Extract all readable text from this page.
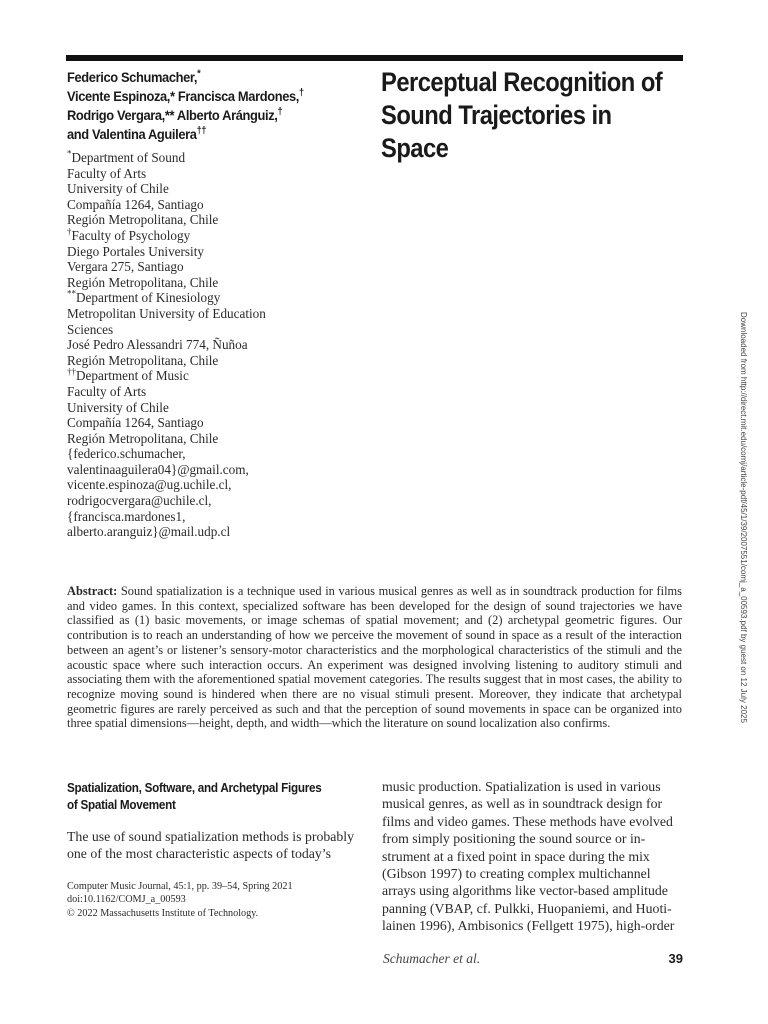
Federico Schumacher,*
Vicente Espinoza,* Francisca Mardones,†
Rodrigo Vergara,** Alberto Aránguiz,†
and Valentina Aguilera††
Perceptual Recognition of
Sound Trajectories in Space
*Department of Sound
Faculty of Arts
University of Chile
Compañía 1264, Santiago
Región Metropolitana, Chile
†Faculty of Psychology
Diego Portales University
Vergara 275, Santiago
Región Metropolitana, Chile
**Department of Kinesiology
Metropolitan University of Education
Sciences
José Pedro Alessandri 774, Ñuñoa
Región Metropolitana, Chile
††Department of Music
Faculty of Arts
University of Chile
Compañía 1264, Santiago
Región Metropolitana, Chile
{federico.schumacher,
valentinaaguilera04}@gmail.com,
vicente.espinoza@ug.uchile.cl,
rodrigocvergara@uchile.cl,
{francisca.mardones1,
alberto.aranguiz}@mail.udp.cl	Downloaded from http://direct.mit.edu/comj/article-pdf/45/1/39/2007551/comj_a_00593.pdf by guest on 12 July 2025

Abstract: Sound spatialization is a technique used in various musical genres as well as in soundtrack production for films and video games. In this context, specialized software has been developed for the design of sound trajectories we have classified as (1) basic movements, or image schemas of spatial movement; and (2) archetypal geometric figures. Our contribution is to reach an understanding of how we perceive the movement of sound in space as a result of the interaction between an agent’s or listener’s sensory-motor characteristics and the morphological characteristics of the stimuli and the acoustic space where such interaction occurs. An experiment was designed involving listening to auditory stimuli and associating them with the aforementioned spatial movement categories. The results suggest that in most cases, the ability to recognize moving sound is hindered when there are no visual stimuli present. Moreover, they indicate that archetypal geometric figures are rarely perceived as such and that the perception of sound movements in space can be organized into three spatial dimensions—height, depth, and width—which the literature on sound localization also confirms.

Spatialization, Software, and Archetypal Figures
of Spatial Movement

The use of sound spatialization methods is probably one of the most characteristic aspects of today’s

music production. Spatialization is used in various
musical genres, as well as in soundtrack design for
films and video games. These methods have evolved
from simply positioning the sound source or in-
strument at a fixed point in space during the mix
(Gibson 1997) to creating complex multichannel
arrays using algorithms like vector-based amplitude
panning (VBAP, cf. Pulkki, Huopaniemi, and Huoti-
lainen 1996), Ambisonics (Fellgett 1975), high-order
Computer Music Journal, 45:1, pp. 39–54, Spring 2021
doi:10.1162/COMJ_a_00593
© 2022 Massachusetts Institute of Technology.
Schumacher et al.	39
